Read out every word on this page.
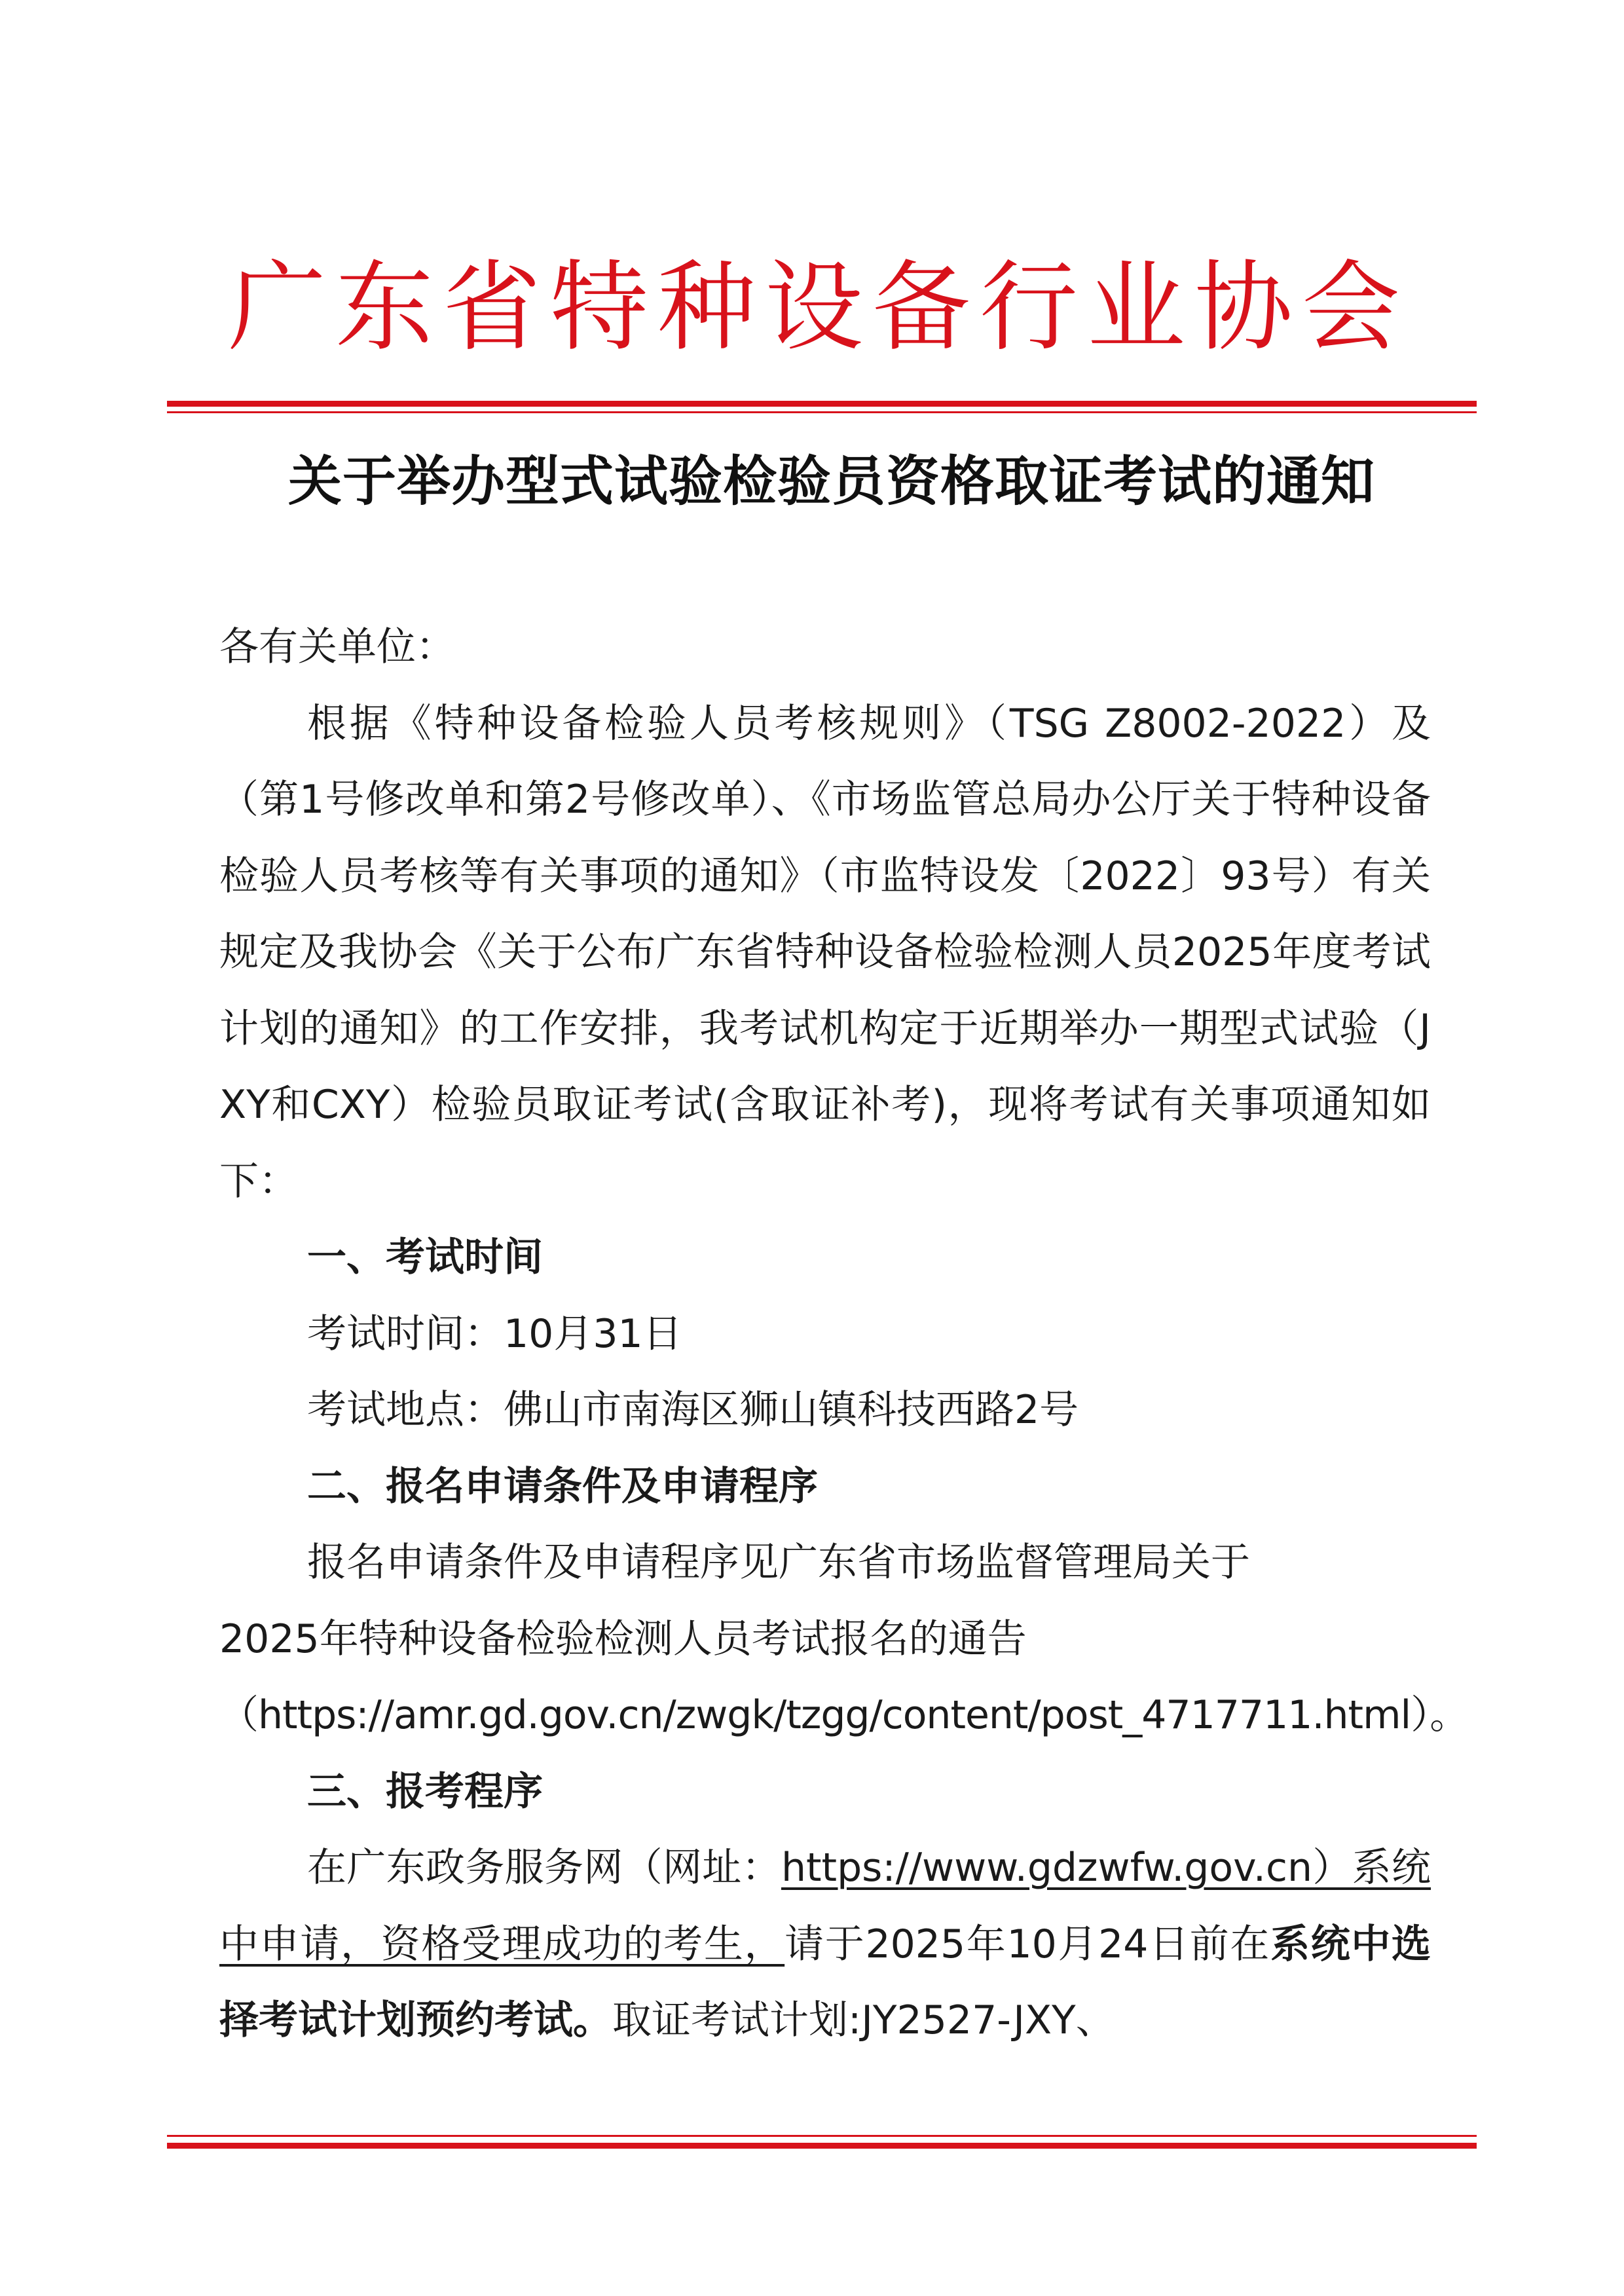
广东省特种设备行业协会
关于举办型式试验检验员资格取证考试的通知

各有关单位：

根据《特种设备检验人员考核规则》（TSG Z8002-2022）及（第1号修改单和第2号修改单）、《市场监管总局办公厅关于特种设备检验人员考核等有关事项的通知》（市监特设发〔2022〕93号）有关规定及我协会《关于公布广东省特种设备检验检测人员2025年度考试计划的通知》的工作安排，我考试机构定于近期举办一期型式试验（JXY和CXY）检验员取证考试(含取证补考)，现将考试有关事项通知如下：

一、考试时间

考试时间：10月31日

考试地点：佛山市南海区狮山镇科技西路2号

二、报名申请条件及申请程序

报名申请条件及申请程序见广东省市场监督管理局关于

2025年特种设备检验检测人员考试报名的通告

（https://amr.gd.gov.cn/zwgk/tzgg/content/post_4717711.html）。

三、报考程序

在广东政务服务网（网址：https://www.gdzwfw.gov.cn）系统中申请，资格受理成功的考生，请于2025年10月24日前在系统中选择考试计划预约考试。取证考试计划:JY2527-JXY、
